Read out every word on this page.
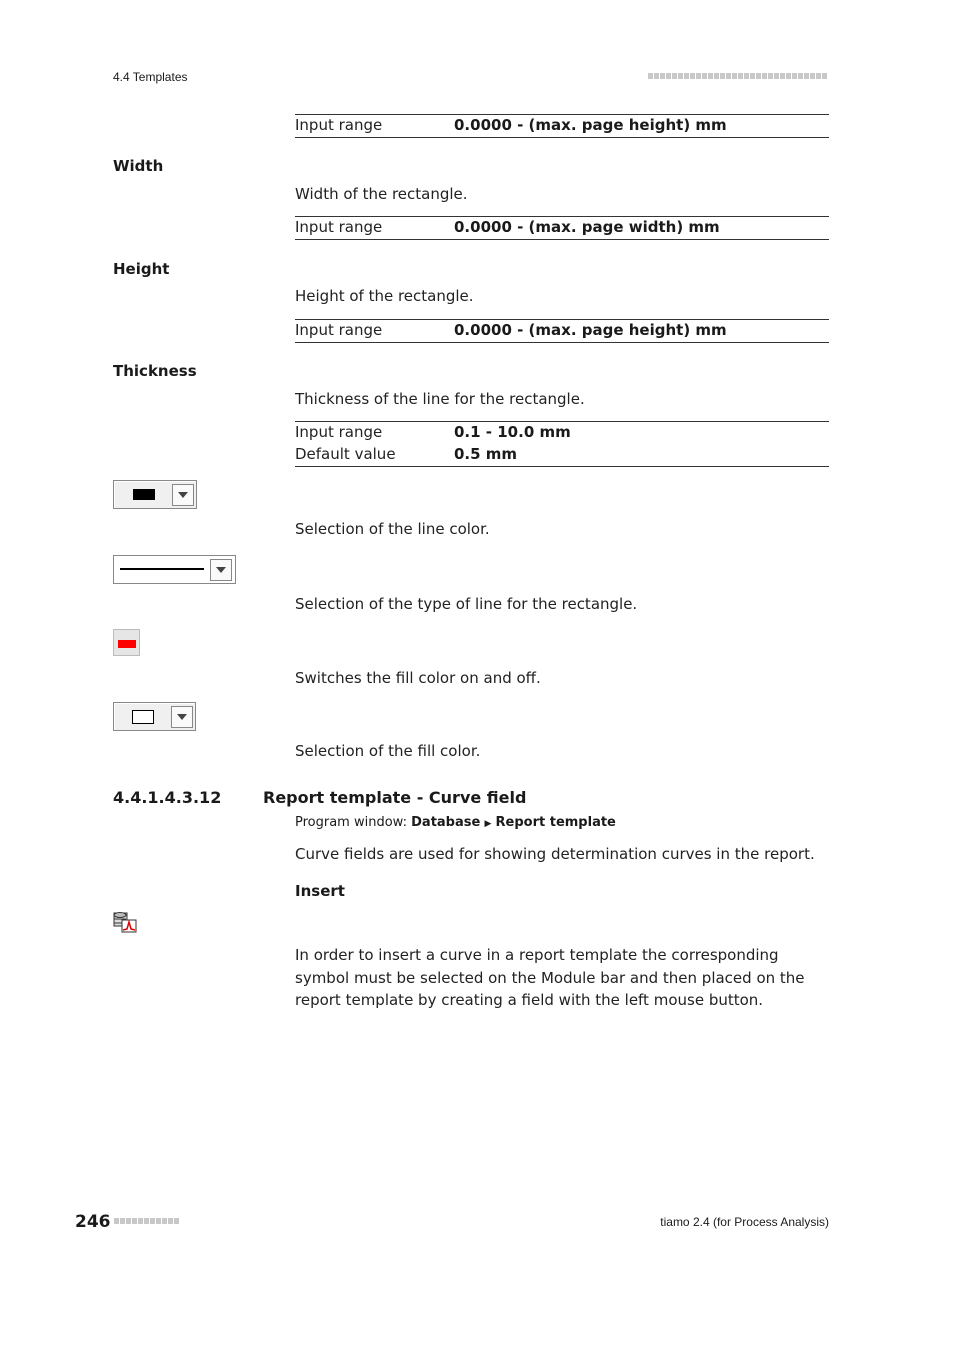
4.4 Templates
Input range	0.0000 - (max. page height) mm
Width
Width of the rectangle.
Input range	0.0000 - (max. page width) mm
Height
Height of the rectangle.
Input range	0.0000 - (max. page height) mm
Thickness
Thickness of the line for the rectangle.
Input range	0.1 - 10.0 mm
Default value	0.5 mm
Selection of the line color.
Selection of the type of line for the rectangle.
Switches the fill color on and off.
Selection of the fill color.
4.4.1.4.3.12	Report template - Curve field
Program window: Database ▶ Report template
Curve fields are used for showing determination curves in the report.
Insert
In order to insert a curve in a report template the corresponding symbol must be selected on the Module bar and then placed on the report template by creating a field with the left mouse button.
246	tiamo 2.4 (for Process Analysis)
